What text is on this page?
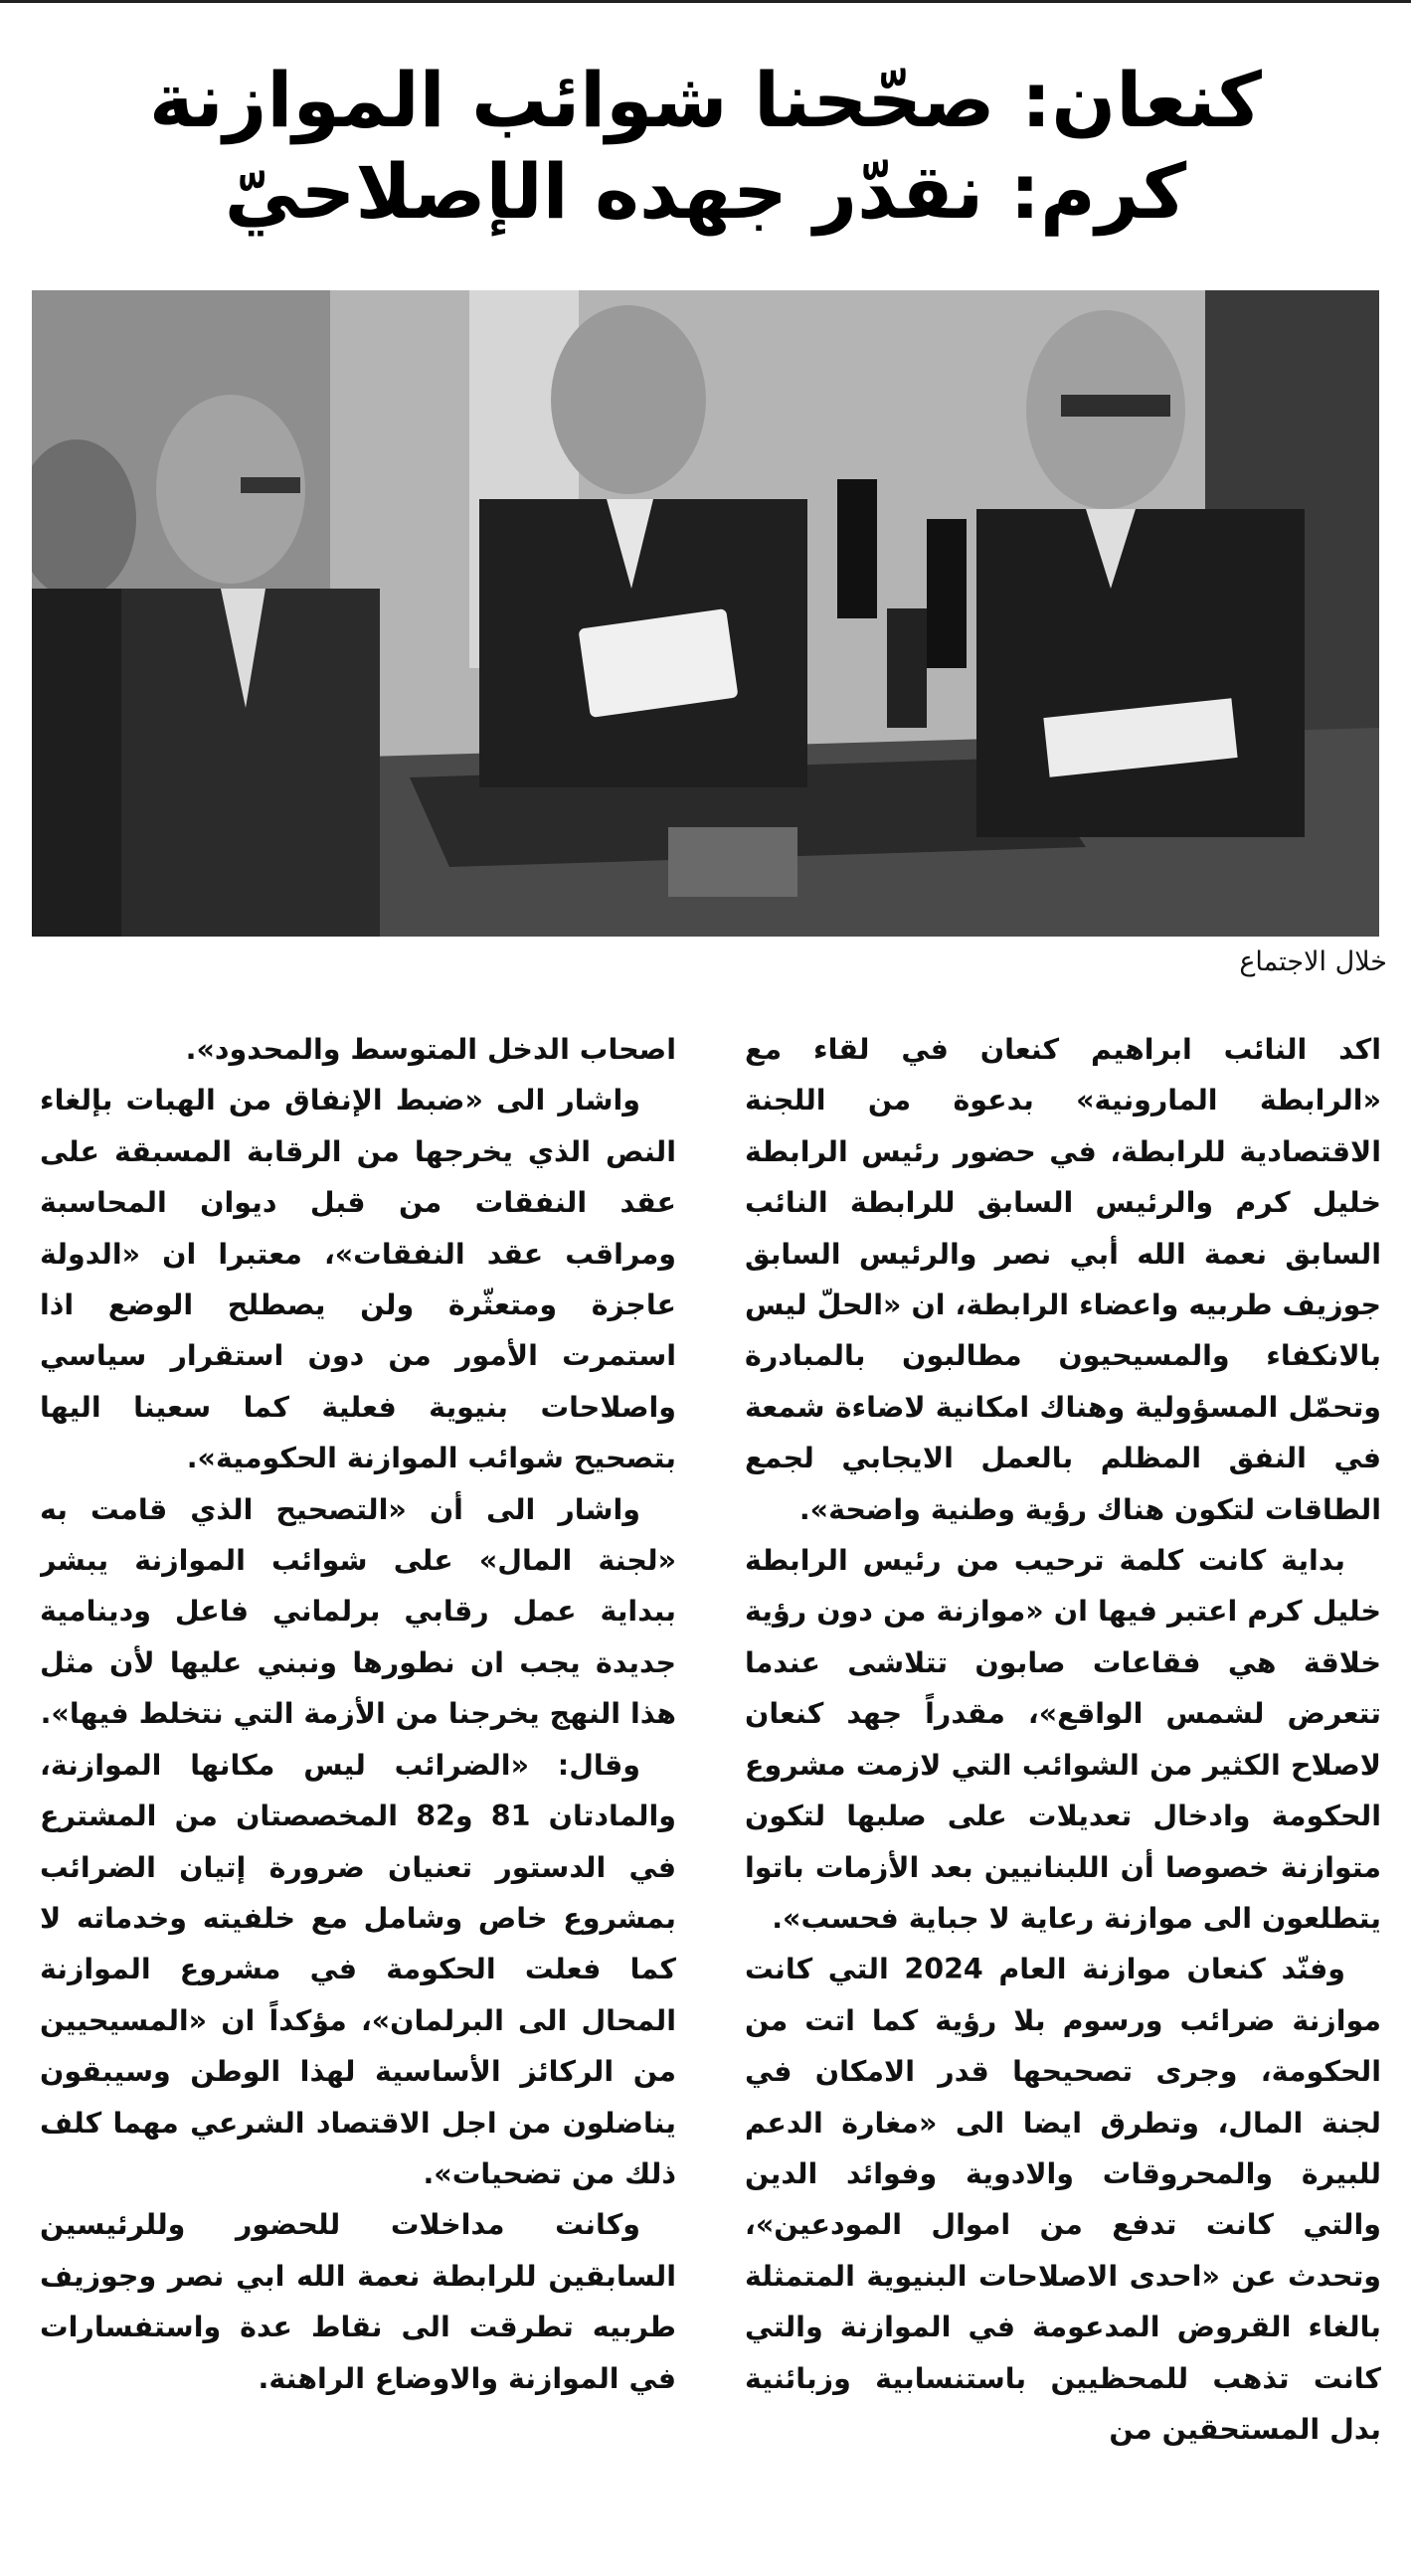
كنعان: صحّحنا شوائب الموازنة
كرم: نقدّر جهده الإصلاحيّ
خلال الاجتماع

اكد النائب ابراهيم كنعان في لقاء مع «الرابطة المارونية» بدعوة من اللجنة الاقتصادية للرابطة، في حضور رئيس الرابطة خليل كرم والرئيس السابق للرابطة النائب السابق نعمة الله أبي نصر والرئيس السابق جوزيف طربيه واعضاء الرابطة، ان «الحلّ ليس بالانكفاء والمسيحيون مطالبون بالمبادرة وتحمّل المسؤولية وهناك امكانية لاضاءة شمعة في النفق المظلم بالعمل الايجابي لجمع الطاقات لتكون هناك رؤية وطنية واضحة».

بداية كانت كلمة ترحيب من رئيس الرابطة خليل كرم اعتبر فيها ان «موازنة من دون رؤية خلاقة هي فقاعات صابون تتلاشى عندما تتعرض لشمس الواقع»، مقدراً جهد كنعان لاصلاح الكثير من الشوائب التي لازمت مشروع الحكومة وادخال تعديلات على صلبها لتكون متوازنة خصوصا أن اللبنانيين بعد الأزمات باتوا يتطلعون الى موازنة رعاية لا جباية فحسب».

وفنّد كنعان موازنة العام 2024 التي كانت موازنة ضرائب ورسوم بلا رؤية كما اتت من الحكومة، وجرى تصحيحها قدر الامكان في لجنة المال، وتطرق ايضا الى «مغارة الدعم للبيرة والمحروقات والادوية وفوائد الدين والتي كانت تدفع من اموال المودعين»، وتحدث عن «احدى الاصلاحات البنيوية المتمثلة بالغاء القروض المدعومة في الموازنة والتي كانت تذهب للمحظيين باستنسابية وزبائنية بدل المستحقين من

اصحاب الدخل المتوسط والمحدود».

واشار الى «ضبط الإنفاق من الهبات بإلغاء النص الذي يخرجها من الرقابة المسبقة على عقد النفقات من قبل ديوان المحاسبة ومراقب عقد النفقات»، معتبرا ان «الدولة عاجزة ومتعثّرة ولن يصطلح الوضع اذا استمرت الأمور من دون استقرار سياسي واصلاحات بنيوية فعلية كما سعينا اليها بتصحيح شوائب الموازنة الحكومية».

واشار الى أن «التصحيح الذي قامت به «لجنة المال» على شوائب الموازنة يبشر ببداية عمل رقابي برلماني فاعل ودينامية جديدة يجب ان نطورها ونبني عليها لأن مثل هذا النهج يخرجنا من الأزمة التي نتخلط فيها».

وقال: «الضرائب ليس مكانها الموازنة، والمادتان 81 و82 المخصصتان من المشترع في الدستور تعنيان ضرورة إتيان الضرائب بمشروع خاص وشامل مع خلفيته وخدماته لا كما فعلت الحكومة في مشروع الموازنة المحال الى البرلمان»، مؤكداً ان «المسيحيين من الركائز الأساسية لهذا الوطن وسيبقون يناضلون من اجل الاقتصاد الشرعي مهما كلف ذلك من تضحيات».

وكانت مداخلات للحضور وللرئيسين السابقين للرابطة نعمة الله ابي نصر وجوزيف طربيه تطرقت الى نقاط عدة واستفسارات في الموازنة والاوضاع الراهنة.
